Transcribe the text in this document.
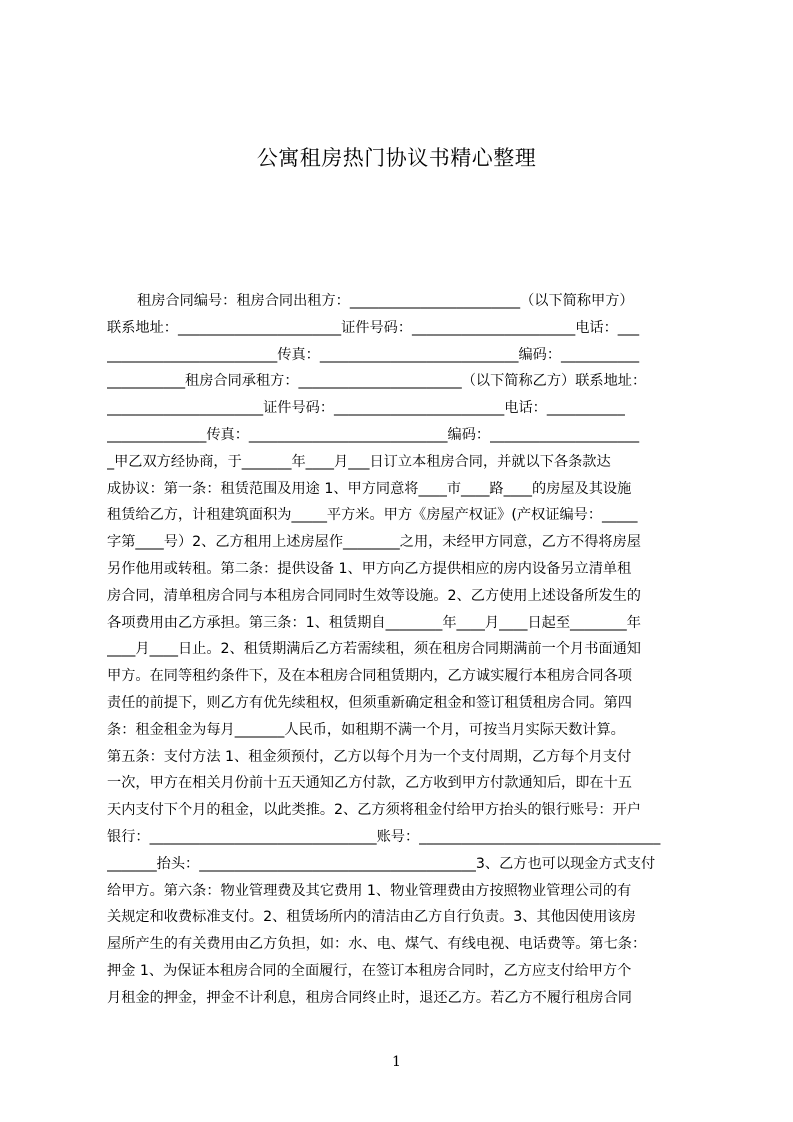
公寓租房热门协议书精心整理
租房合同编号：租房合同出租方：________________________（以下简称甲方）
联系地址：_______________________证件号码：_______________________电话：___
________________________传真：____________________________编码：___________
___________租房合同承租方：_______________________（以下简称乙方）联系地址：
______________________证件号码：________________________电话：___________
______________传真：____________________________编码：_____________________
_甲乙双方经协商，于_______年____月___日订立本租房合同，并就以下各条款达
成协议：第一条：租赁范围及用途 1、甲方同意将____市____路____的房屋及其设施
租赁给乙方，计租建筑面积为_____平方米。甲方《房屋产权证》(产权证编号：_____
字第____号）2、乙方租用上述房屋作________之用，未经甲方同意，乙方不得将房屋
另作他用或转租。第二条：提供设备 1、甲方向乙方提供相应的房内设备另立清单租
房合同，清单租房合同与本租房合同同时生效等设施。2、乙方使用上述设备所发生的
各项费用由乙方承担。第三条：1、租赁期自________年____月____日起至________年
____月____日止。2、租赁期满后乙方若需续租，须在租房合同期满前一个月书面通知
甲方。在同等租约条件下，及在本租房合同租赁期内，乙方诚实履行本租房合同各项
责任的前提下，则乙方有优先续租权，但须重新确定租金和签订租赁租房合同。第四
条：租金租金为每月_______人民币，如租期不满一个月，可按当月实际天数计算。
第五条：支付方法 1、租金须预付，乙方以每个月为一个支付周期，乙方每个月支付
一次，甲方在相关月份前十五天通知乙方付款，乙方收到甲方付款通知后，即在十五
天内支付下个月的租金，以此类推。2、乙方须将租金付给甲方抬头的银行账号：开户
银行：________________________________账号：__________________________________
_______抬头：_______________________________________3、乙方也可以现金方式支付
给甲方。第六条：物业管理费及其它费用 1、物业管理费由方按照物业管理公司的有
关规定和收费标准支付。2、租赁场所内的清洁由乙方自行负责。3、其他因使用该房
屋所产生的有关费用由乙方负担，如：水、电、煤气、有线电视、电话费等。第七条：
押金 1、为保证本租房合同的全面履行，在签订本租房合同时，乙方应支付给甲方个
月租金的押金，押金不计利息，租房合同终止时，退还乙方。若乙方不履行租房合同
1
